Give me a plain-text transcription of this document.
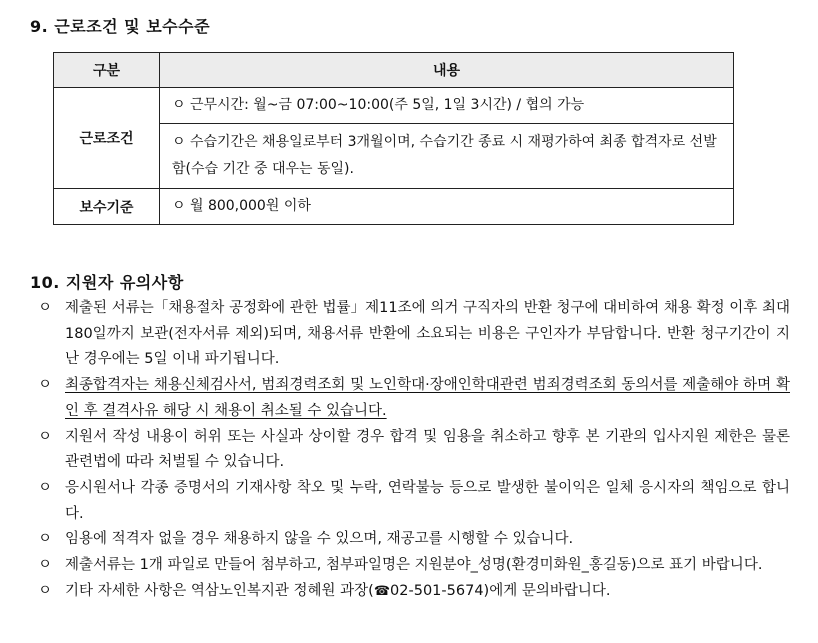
9. 근로조건 및 보수수준
구분	내용
근로조건	ㅇ 근무시간: 월~금 07:00~10:00(주 5일, 1일 3시간) / 협의 가능
	ㅇ 수습기간은 채용일로부터 3개월이며, 수습기간 종료 시 재평가하여 최종 합격자로 선발함(수습 기간 중 대우는 동일).
보수기준	ㅇ 월 800,000원 이하
10. 지원자 유의사항
ㅇ 제출된 서류는「채용절차 공정화에 관한 법률」제11조에 의거 구직자의 반환 청구에 대비하여 채용 확정 이후 최대 180일까지 보관(전자서류 제외)되며, 채용서류 반환에 소요되는 비용은 구인자가 부담합니다. 반환 청구기간이 지난 경우에는 5일 이내 파기됩니다.
ㅇ 최종합격자는 채용신체검사서, 범죄경력조회 및 노인학대·장애인학대관련 범죄경력조회 동의서를 제출해야 하며 확인 후 결격사유 해당 시 채용이 취소될 수 있습니다.
ㅇ 지원서 작성 내용이 허위 또는 사실과 상이할 경우 합격 및 임용을 취소하고 향후 본 기관의 입사지원 제한은 물론 관련법에 따라 처벌될 수 있습니다.
ㅇ 응시원서나 각종 증명서의 기재사항 착오 및 누락, 연락불능 등으로 발생한 불이익은 일체 응시자의 책임으로 합니다.
ㅇ 임용에 적격자 없을 경우 채용하지 않을 수 있으며, 재공고를 시행할 수 있습니다.
ㅇ 제출서류는 1개 파일로 만들어 첨부하고, 첨부파일명은 지원분야_성명(환경미화원_홍길동)으로 표기 바랍니다.
ㅇ 기타 자세한 사항은 역삼노인복지관 정혜원 과장(☎02-501-5674)에게 문의바랍니다.
